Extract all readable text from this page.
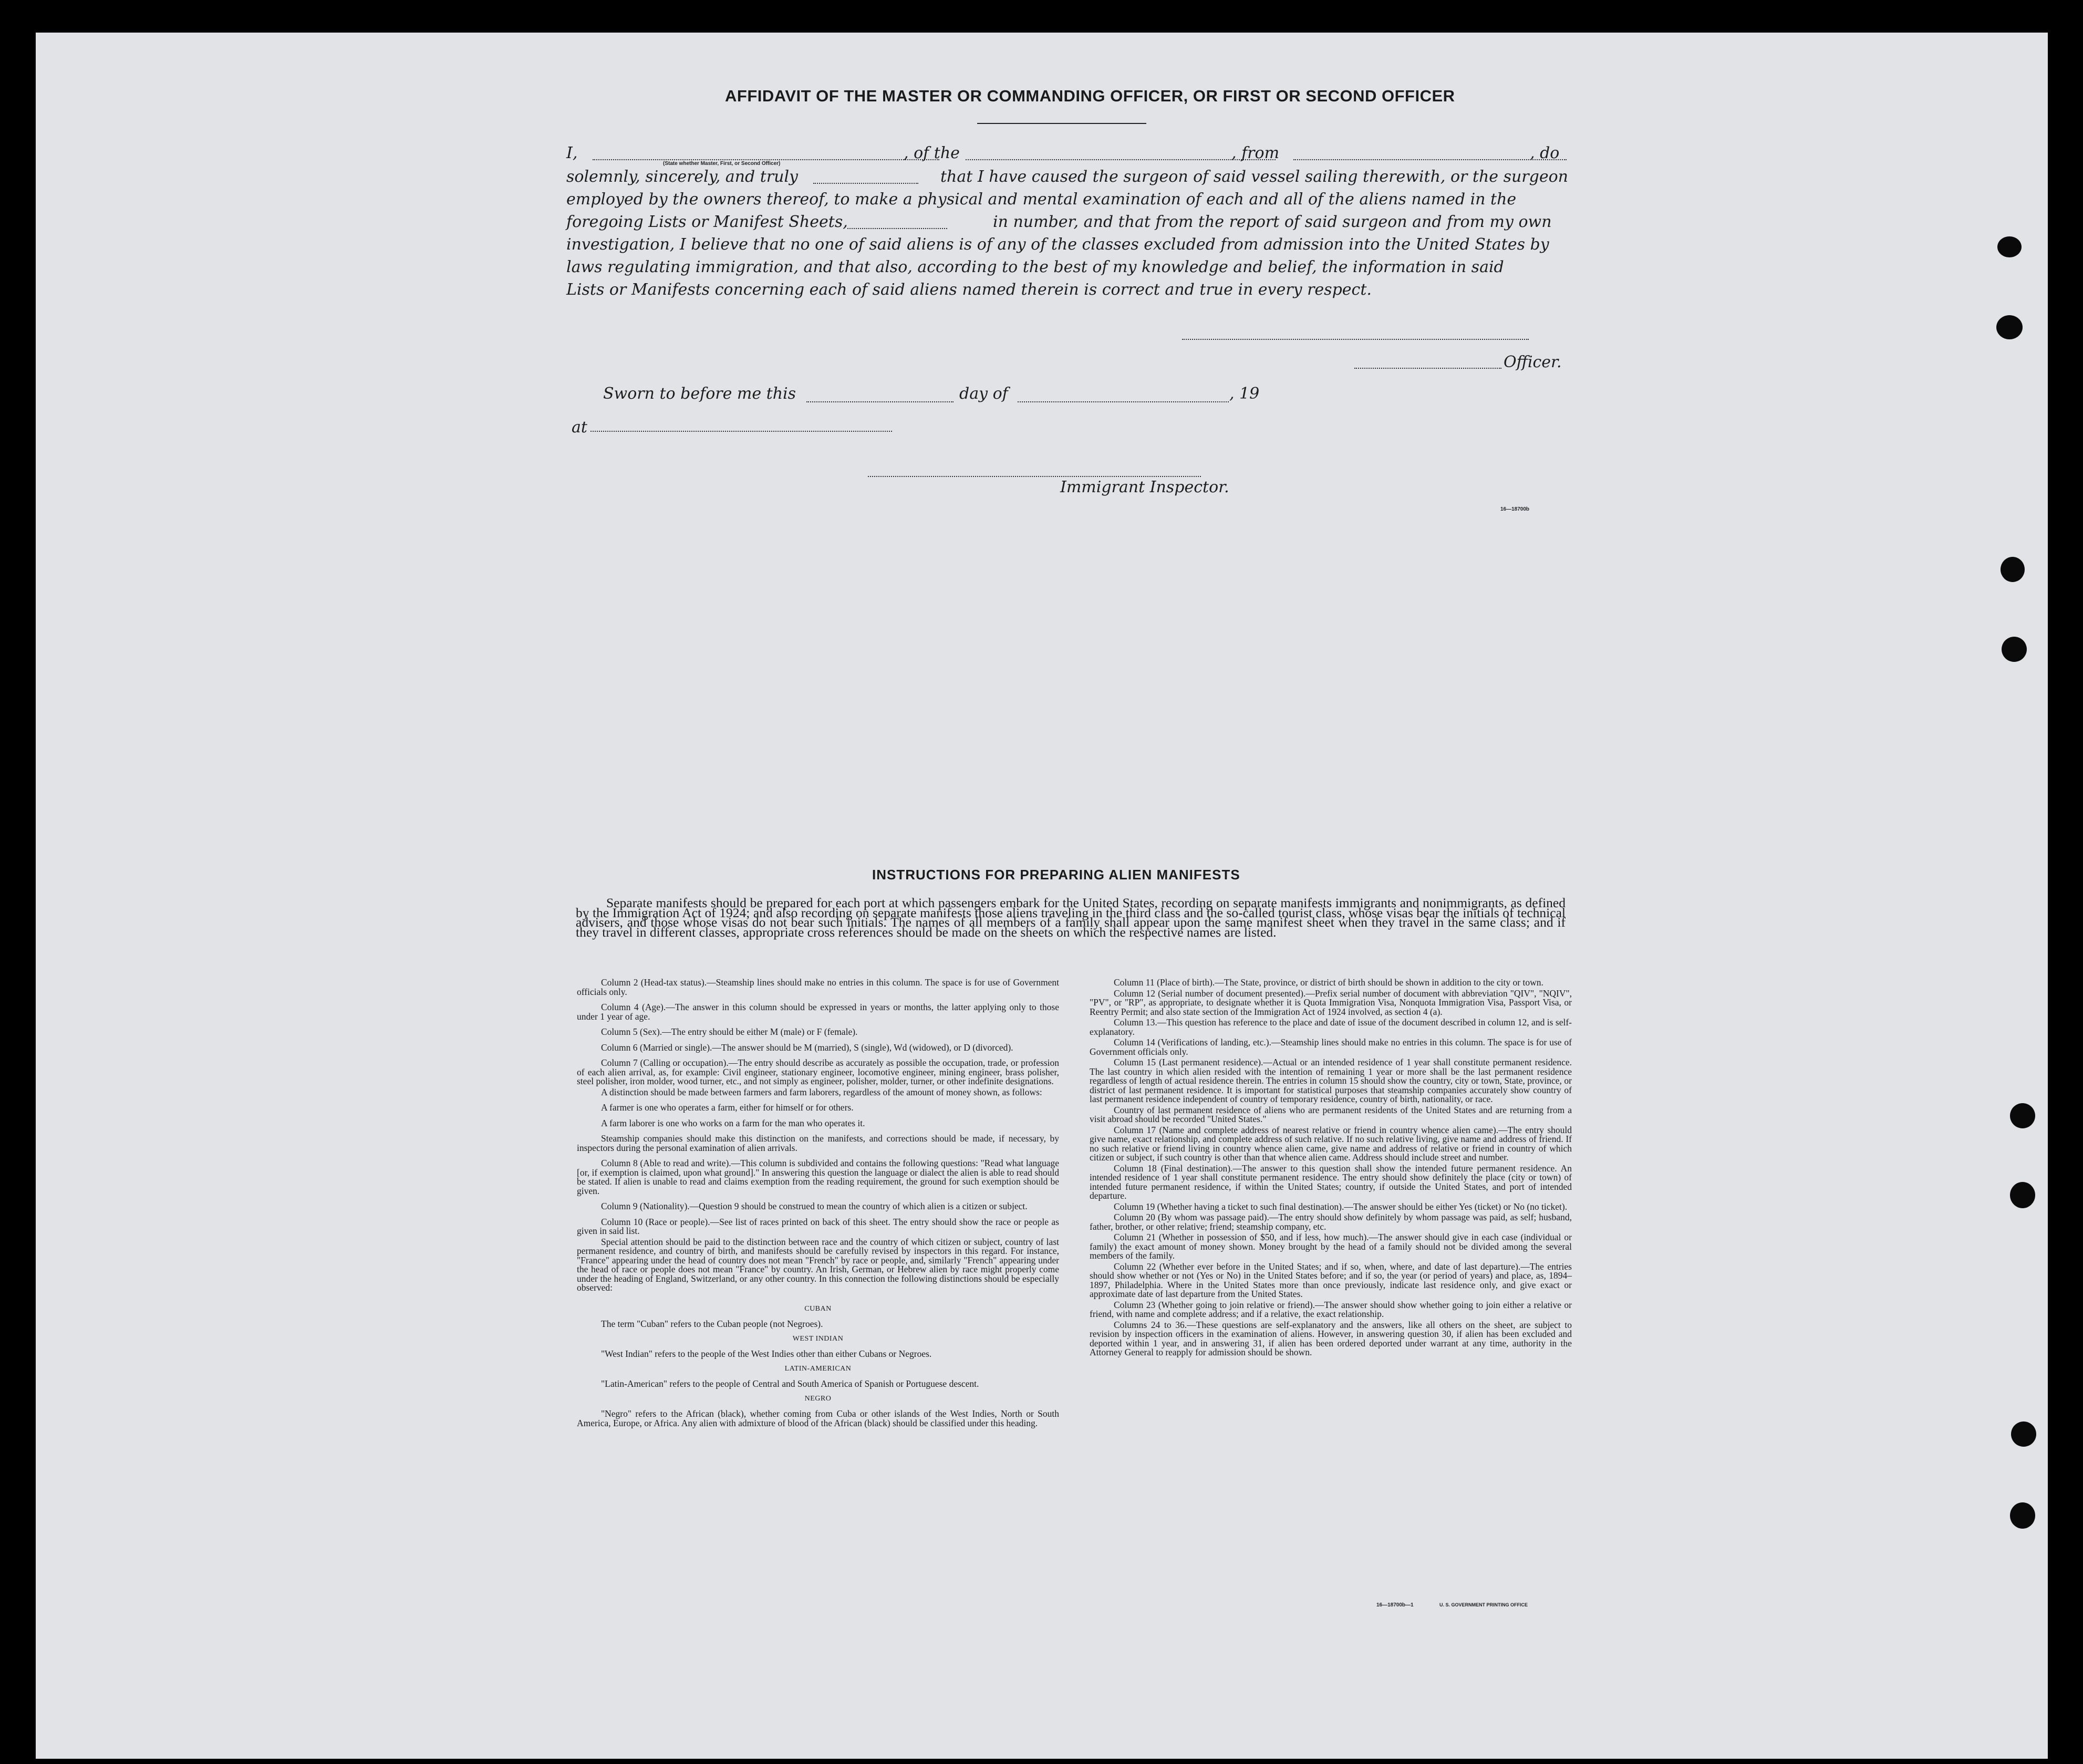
AFFIDAVIT OF THE MASTER OR COMMANDING OFFICER, OR FIRST OR SECOND OFFICER
I,	, of the	, from	, do
(State whether Master, First, or Second Officer)
solemnly, sincerely, and truly	that I have caused the surgeon of said vessel sailing therewith, or the surgeon
employed by the owners thereof, to make a physical and mental examination of each and all of the aliens named in the
foregoing Lists or Manifest Sheets,	in number, and that from the report of said surgeon and from my own
investigation, I believe that no one of said aliens is of any of the classes excluded from admission into the United States by
laws regulating immigration, and that also, according to the best of my knowledge and belief, the information in said
Lists or Manifests concerning each of said aliens named therein is correct and true in every respect.
Officer.
Sworn to before me this	day of	, 19
at
Immigrant Inspector.
16—18700b
INSTRUCTIONS FOR PREPARING ALIEN MANIFESTS

Separate manifests should be prepared for each port at which passengers embark for the United States, recording on separate manifests immigrants and nonimmigrants, as defined by the Immigration Act of 1924; and also recording on separate manifests those aliens traveling in the third class and the so-called tourist class, whose visas bear the initials of technical advisers, and those whose visas do not bear such initials. The names of all members of a family shall appear upon the same manifest sheet when they travel in the same class; and if they travel in different classes, appropriate cross references should be made on the sheets on which the respective names are listed.

Column 2 (Head-tax status).—Steamship lines should make no entries in this column. The space is for use of Government officials only.

Column 4 (Age).—The answer in this column should be expressed in years or months, the latter applying only to those under 1 year of age.

Column 5 (Sex).—The entry should be either M (male) or F (female).

Column 6 (Married or single).—The answer should be M (married), S (single), Wd (widowed), or D (divorced).

Column 7 (Calling or occupation).—The entry should describe as accurately as possible the occupation, trade, or profession of each alien arrival, as, for example: Civil engineer, stationary engineer, locomotive engineer, mining engineer, brass polisher, steel polisher, iron molder, wood turner, etc., and not simply as engineer, polisher, molder, turner, or other indefinite designations.

A distinction should be made between farmers and farm laborers, regardless of the amount of money shown, as follows:

A farmer is one who operates a farm, either for himself or for others.

A farm laborer is one who works on a farm for the man who operates it.

Steamship companies should make this distinction on the manifests, and corrections should be made, if necessary, by inspectors during the personal examination of alien arrivals.

Column 8 (Able to read and write).—This column is subdivided and contains the following questions: "Read what language [or, if exemption is claimed, upon what ground]." In answering this question the language or dialect the alien is able to read should be stated. If alien is unable to read and claims exemption from the reading requirement, the ground for such exemption should be given.

Column 9 (Nationality).—Question 9 should be construed to mean the country of which alien is a citizen or subject.

Column 10 (Race or people).—See list of races printed on back of this sheet. The entry should show the race or people as given in said list.

Special attention should be paid to the distinction between race and the country of which citizen or subject, country of last permanent residence, and country of birth, and manifests should be carefully revised by inspectors in this regard. For instance, "France" appearing under the head of country does not mean "French" by race or people, and, similarly "French" appearing under the head of race or people does not mean "France" by country. An Irish, German, or Hebrew alien by race might properly come under the heading of England, Switzerland, or any other country. In this connection the following distinctions should be especially observed:

CUBAN

The term "Cuban" refers to the Cuban people (not Negroes).

WEST INDIAN

"West Indian" refers to the people of the West Indies other than either Cubans or Negroes.

LATIN-AMERICAN

"Latin-American" refers to the people of Central and South America of Spanish or Portuguese descent.

NEGRO

"Negro" refers to the African (black), whether coming from Cuba or other islands of the West Indies, North or South America, Europe, or Africa. Any alien with admixture of blood of the African (black) should be classified under this heading.

Column 11 (Place of birth).—The State, province, or district of birth should be shown in addition to the city or town.

Column 12 (Serial number of document presented).—Prefix serial number of document with abbreviation "QIV", "NQIV", "PV", or "RP", as appropriate, to designate whether it is Quota Immigration Visa, Nonquota Immigration Visa, Passport Visa, or Reentry Permit; and also state section of the Immigration Act of 1924 involved, as section 4 (a).

Column 13.—This question has reference to the place and date of issue of the document described in column 12, and is self-explanatory.

Column 14 (Verifications of landing, etc.).—Steamship lines should make no entries in this column. The space is for use of Government officials only.

Column 15 (Last permanent residence).—Actual or an intended residence of 1 year shall constitute permanent residence. The last country in which alien resided with the intention of remaining 1 year or more shall be the last permanent residence regardless of length of actual residence therein. The entries in column 15 should show the country, city or town, State, province, or district of last permanent residence. It is important for statistical purposes that steamship companies accurately show country of last permanent residence independent of country of temporary residence, country of birth, nationality, or race.

Country of last permanent residence of aliens who are permanent residents of the United States and are returning from a visit abroad should be recorded "United States."

Column 17 (Name and complete address of nearest relative or friend in country whence alien came).—The entry should give name, exact relationship, and complete address of such relative. If no such relative living, give name and address of friend. If no such relative or friend living in country whence alien came, give name and address of relative or friend in country of which citizen or subject, if such country is other than that whence alien came. Address should include street and number.

Column 18 (Final destination).—The answer to this question shall show the intended future permanent residence. An intended residence of 1 year shall constitute permanent residence. The entry should show definitely the place (city or town) of intended future permanent residence, if within the United States; country, if outside the United States, and port of intended departure.

Column 19 (Whether having a ticket to such final destination).—The answer should be either Yes (ticket) or No (no ticket).

Column 20 (By whom was passage paid).—The entry should show definitely by whom passage was paid, as self; husband, father, brother, or other relative; friend; steamship company, etc.

Column 21 (Whether in possession of $50, and if less, how much).—The answer should give in each case (individual or family) the exact amount of money shown. Money brought by the head of a family should not be divided among the several members of the family.

Column 22 (Whether ever before in the United States; and if so, when, where, and date of last departure).—The entries should show whether or not (Yes or No) in the United States before; and if so, the year (or period of years) and place, as, 1894–1897, Philadelphia. Where in the United States more than once previously, indicate last residence only, and give exact or approximate date of last departure from the United States.

Column 23 (Whether going to join relative or friend).—The answer should show whether going to join either a relative or friend, with name and complete address; and if a relative, the exact relationship.

Columns 24 to 36.—These questions are self-explanatory and the answers, like all others on the sheet, are subject to revision by inspection officers in the examination of aliens. However, in answering question 30, if alien has been excluded and deported within 1 year, and in answering 31, if alien has been ordered deported under warrant at any time, authority in the Attorney General to reapply for admission should be shown.

16—18700b—1	U. S. GOVERNMENT PRINTING OFFICE
